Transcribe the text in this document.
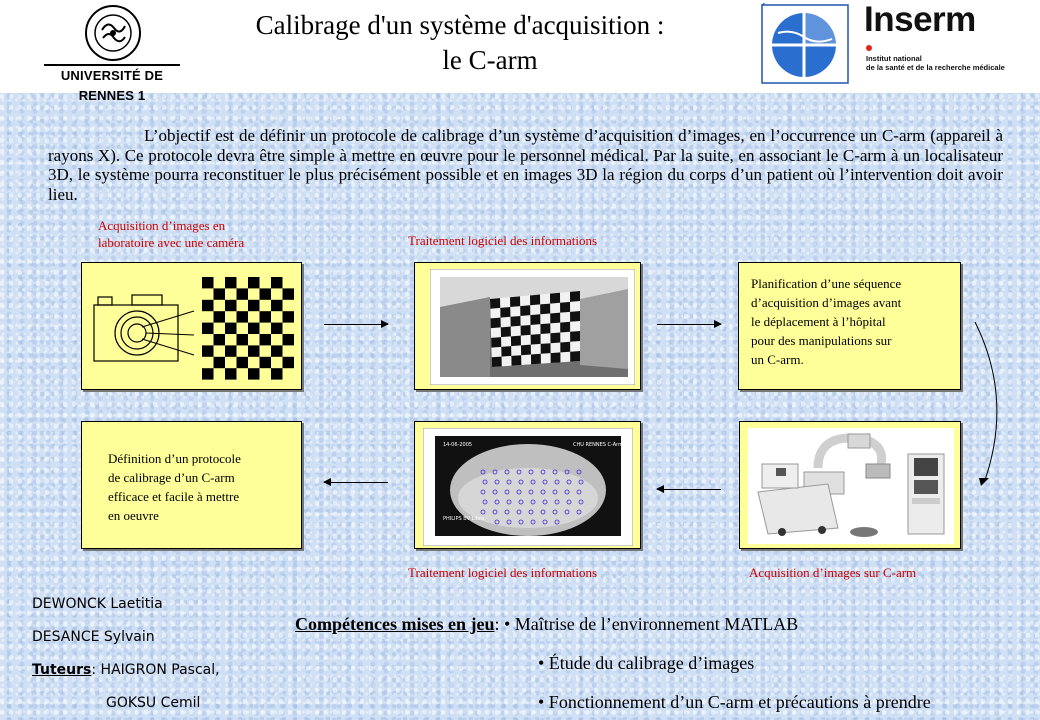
UNIVERSITÉ DE RENNES 1
Calibrage d'un système d'acquisition :
le C-arm
Inserm
Institut national
de la santé et de la recherche médicale
L’objectif est de définir un protocole de calibrage d’un système d’acquisition d’images, en l’occurrence un C-arm (appareil à rayons X). Ce protocole devra être simple à mettre en œuvre pour le personnel médical. Par la suite, en associant le C-arm à un localisateur 3D, le système pourra reconstituer le plus précisément possible et en images 3D la région du corps d’un patient où l’intervention doit avoir lieu.
Acquisition d’images en
laboratoire avec une caméra	Traitement logiciel des informations
Traitement logiciel des informations	Acquisition d’images sur C-arm
Planification d’une séquence
d’acquisition d’images avant
le déplacement à l’hôpital
pour des manipulations sur
un C-arm.
Définition d’un protocole
de calibrage d’un C-arm
efficace et facile à mettre
en oeuvre
14-06-2005	CHU RENNES C-Arm
PHILIPS BV Libra
DEWONCK Laetitia
DESANCE Sylvain
Tuteurs: HAIGRON Pascal,
GOKSU Cemil
Compétences mises en jeu: • Maîtrise de l’environnement MATLAB
• Étude du calibrage d’images
• Fonctionnement d’un C-arm et précautions à prendre
